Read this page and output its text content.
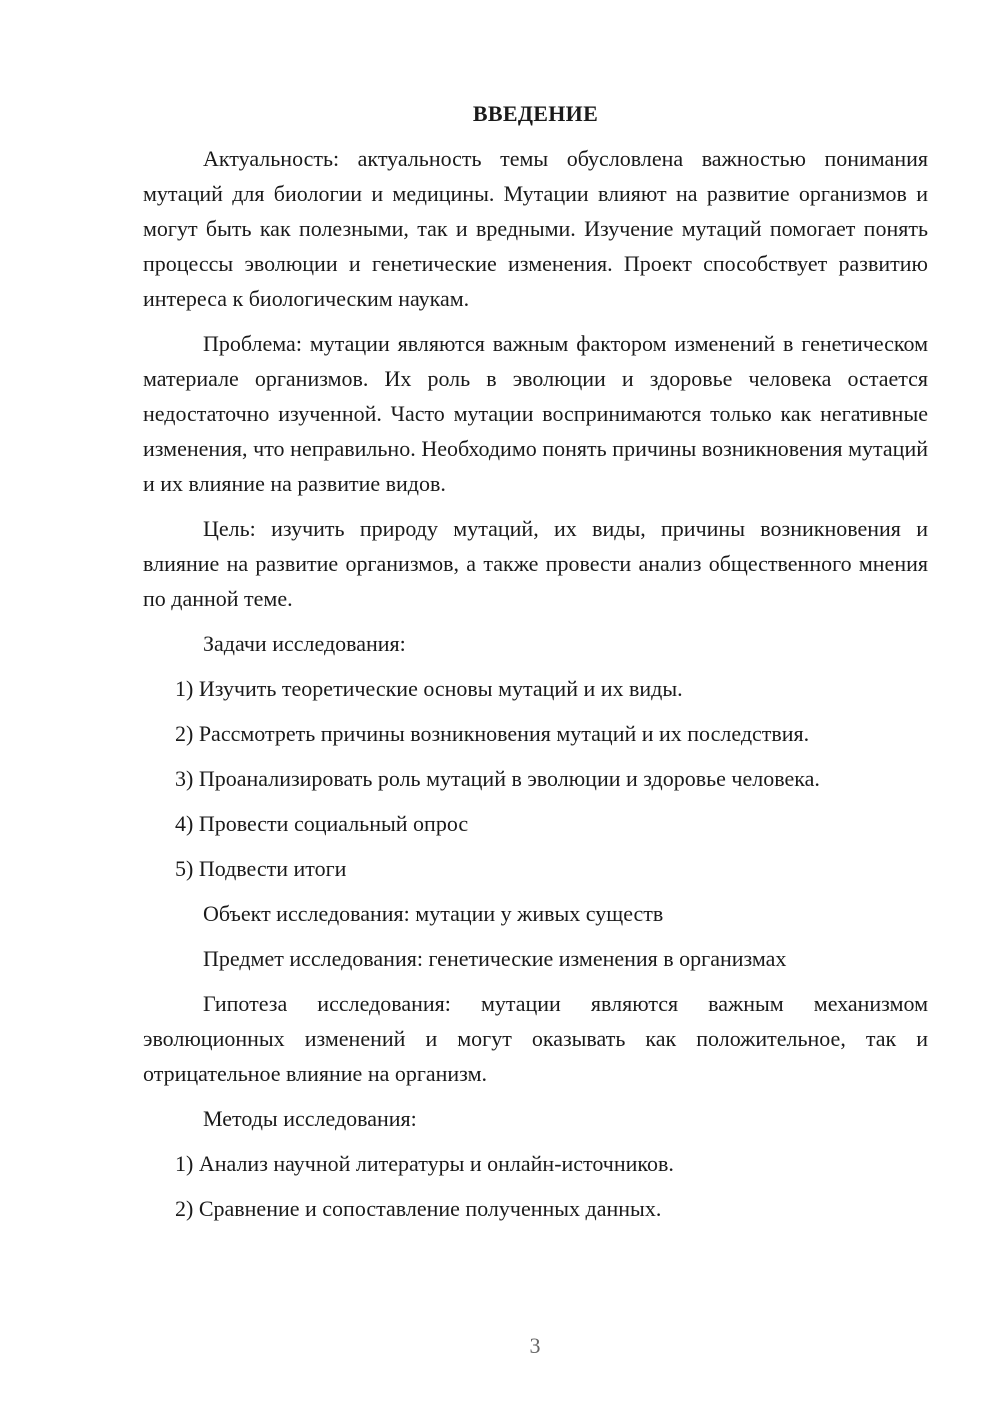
ВВЕДЕНИЕ
Актуальность: актуальность темы обусловлена важностью понимания мутаций для биологии и медицины. Мутации влияют на развитие организмов и могут быть как полезными, так и вредными. Изучение мутаций помогает понять процессы эволюции и генетические изменения. Проект способствует развитию интереса к биологическим наукам.
Проблема: мутации являются важным фактором изменений в генетическом материале организмов. Их роль в эволюции и здоровье человека остается недостаточно изученной. Часто мутации воспринимаются только как негативные изменения, что неправильно. Необходимо понять причины возникновения мутаций и их влияние на развитие видов.
Цель: изучить природу мутаций, их виды, причины возникновения и влияние на развитие организмов, а также провести анализ общественного мнения по данной теме.
Задачи исследования:
1) Изучить теоретические основы мутаций и их виды.
2) Рассмотреть причины возникновения мутаций и их последствия.
3) Проанализировать роль мутаций в эволюции и здоровье человека.
4) Провести социальный опрос
5) Подвести итоги
Объект исследования: мутации у живых существ
Предмет исследования: генетические изменения в организмах
Гипотеза исследования: мутации являются важным механизмом эволюционных изменений и могут оказывать как положительное, так и отрицательное влияние на организм.
Методы исследования:
1) Анализ научной литературы и онлайн-источников.
2) Сравнение и сопоставление полученных данных.
3
